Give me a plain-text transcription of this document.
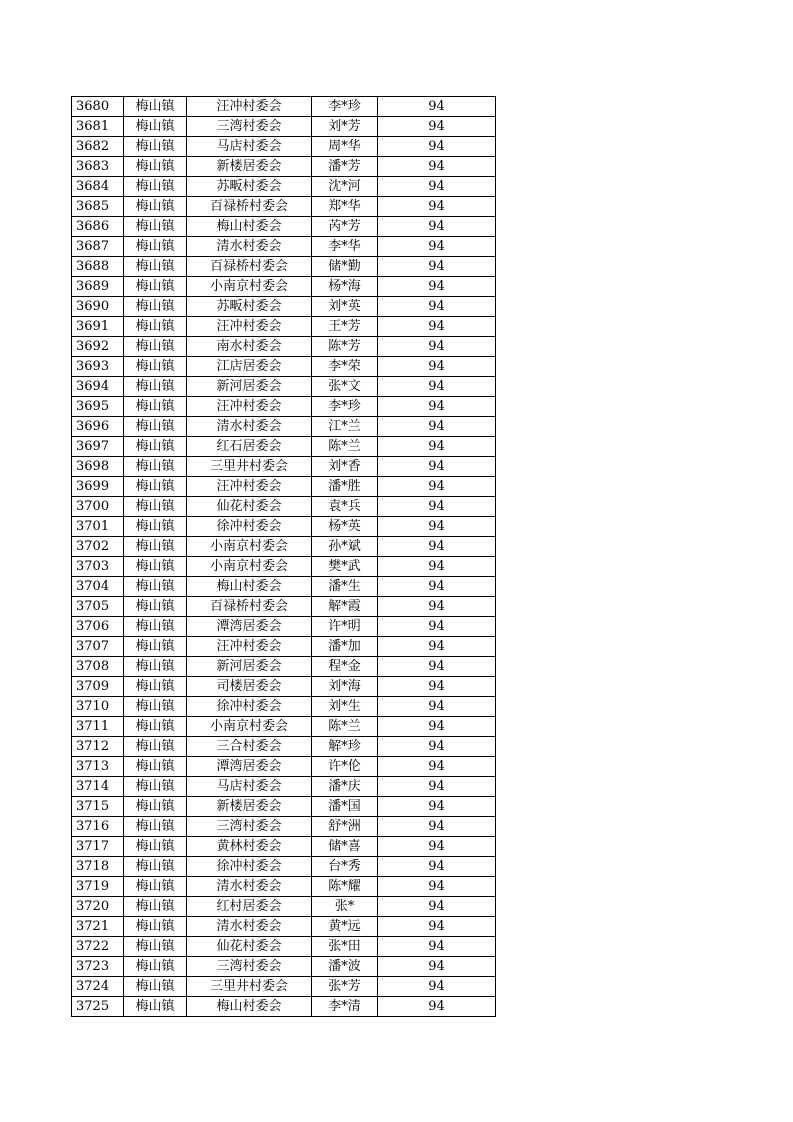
3680	梅山镇	汪冲村委会	李*珍	94
3681	梅山镇	三湾村委会	刘*芳	94
3682	梅山镇	马店村委会	周*华	94
3683	梅山镇	新楼居委会	潘*芳	94
3684	梅山镇	苏畈村委会	沈*河	94
3685	梅山镇	百禄桥村委会	郑*华	94
3686	梅山镇	梅山村委会	芮*芳	94
3687	梅山镇	清水村委会	李*华	94
3688	梅山镇	百禄桥村委会	储*勤	94
3689	梅山镇	小南京村委会	杨*海	94
3690	梅山镇	苏畈村委会	刘*英	94
3691	梅山镇	汪冲村委会	王*芳	94
3692	梅山镇	南水村委会	陈*芳	94
3693	梅山镇	江店居委会	李*荣	94
3694	梅山镇	新河居委会	张*文	94
3695	梅山镇	汪冲村委会	李*珍	94
3696	梅山镇	清水村委会	江*兰	94
3697	梅山镇	红石居委会	陈*兰	94
3698	梅山镇	三里井村委会	刘*香	94
3699	梅山镇	汪冲村委会	潘*胜	94
3700	梅山镇	仙花村委会	袁*兵	94
3701	梅山镇	徐冲村委会	杨*英	94
3702	梅山镇	小南京村委会	孙*斌	94
3703	梅山镇	小南京村委会	樊*武	94
3704	梅山镇	梅山村委会	潘*生	94
3705	梅山镇	百禄桥村委会	解*霞	94
3706	梅山镇	潭湾居委会	许*明	94
3707	梅山镇	汪冲村委会	潘*加	94
3708	梅山镇	新河居委会	程*金	94
3709	梅山镇	司楼居委会	刘*海	94
3710	梅山镇	徐冲村委会	刘*生	94
3711	梅山镇	小南京村委会	陈*兰	94
3712	梅山镇	三合村委会	解*珍	94
3713	梅山镇	潭湾居委会	许*伦	94
3714	梅山镇	马店村委会	潘*庆	94
3715	梅山镇	新楼居委会	潘*国	94
3716	梅山镇	三湾村委会	舒*洲	94
3717	梅山镇	黄林村委会	储*喜	94
3718	梅山镇	徐冲村委会	台*秀	94
3719	梅山镇	清水村委会	陈*耀	94
3720	梅山镇	红村居委会	张*	94
3721	梅山镇	清水村委会	黄*远	94
3722	梅山镇	仙花村委会	张*田	94
3723	梅山镇	三湾村委会	潘*波	94
3724	梅山镇	三里井村委会	张*芳	94
3725	梅山镇	梅山村委会	李*清	94
